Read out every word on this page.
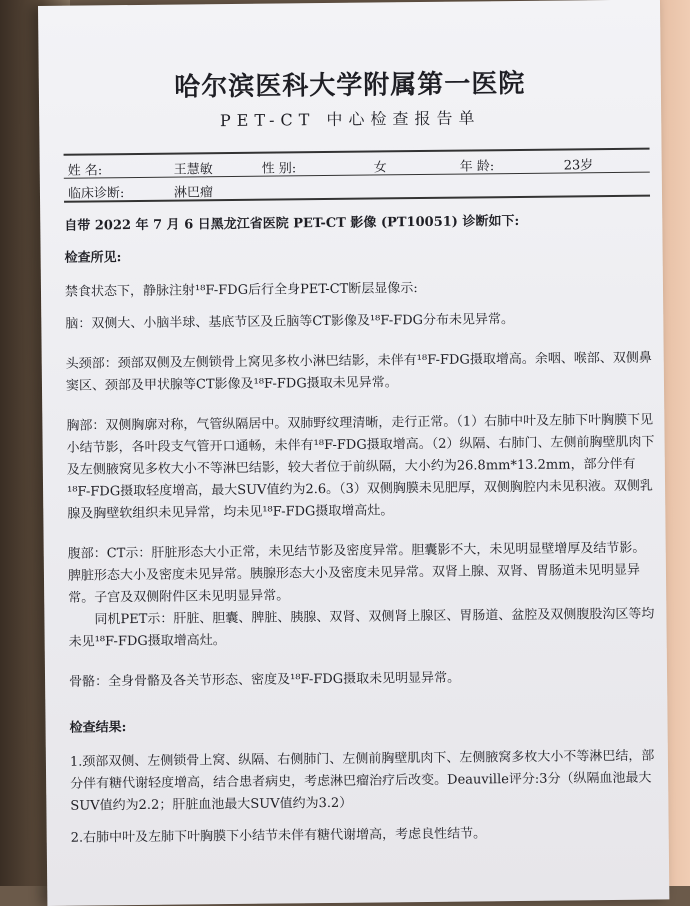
哈尔滨医科大学附属第一医院
PET-CT 中心检查报告单
姓 名:	王慧敏	性 别:	女	年 龄:	23岁
临床诊断:	淋巴瘤

自带 2022 年 7 月 6 日黑龙江省医院 PET-CT 影像 (PT10051) 诊断如下:

检查所见:

禁食状态下，静脉注射¹⁸F-FDG后行全身PET-CT断层显像示:

脑：双侧大、小脑半球、基底节区及丘脑等CT影像及¹⁸F-FDG分布未见异常。

头颈部：颈部双侧及左侧锁骨上窝见多枚小淋巴结影，未伴有¹⁸F-FDG摄取增高。余咽、喉部、双侧鼻窦区、颈部及甲状腺等CT影像及¹⁸F-FDG摄取未见异常。

胸部：双侧胸廓对称，气管纵隔居中。双肺野纹理清晰，走行正常。（1）右肺中叶及左肺下叶胸膜下见小结节影，各叶段支气管开口通畅，未伴有¹⁸F-FDG摄取增高。（2）纵隔、右肺门、左侧前胸壁肌肉下及左侧腋窝见多枚大小不等淋巴结影，较大者位于前纵隔，大小约为26.8mm*13.2mm，部分伴有¹⁸F-FDG摄取轻度增高，最大SUV值约为2.6。（3）双侧胸膜未见肥厚，双侧胸腔内未见积液。双侧乳腺及胸壁软组织未见异常，均未见¹⁸F-FDG摄取增高灶。

腹部：CT示：肝脏形态大小正常，未见结节影及密度异常。胆囊影不大，未见明显壁增厚及结节影。脾脏形态大小及密度未见异常。胰腺形态大小及密度未见异常。双肾上腺、双肾、胃肠道未见明显异常。子宫及双侧附件区未见明显异常。

同机PET示：肝脏、胆囊、脾脏、胰腺、双肾、双侧肾上腺区、胃肠道、盆腔及双侧腹股沟区等均未见¹⁸F-FDG摄取增高灶。

骨骼：全身骨骼及各关节形态、密度及¹⁸F-FDG摄取未见明显异常。

检查结果:

1.颈部双侧、左侧锁骨上窝、纵隔、右侧肺门、左侧前胸壁肌肉下、左侧腋窝多枚大小不等淋巴结，部分伴有糖代谢轻度增高，结合患者病史，考虑淋巴瘤治疗后改变。Deauville评分:3分（纵隔血池最大SUV值约为2.2；肝脏血池最大SUV值约为3.2）

2.右肺中叶及左肺下叶胸膜下小结节未伴有糖代谢增高，考虑良性结节。
